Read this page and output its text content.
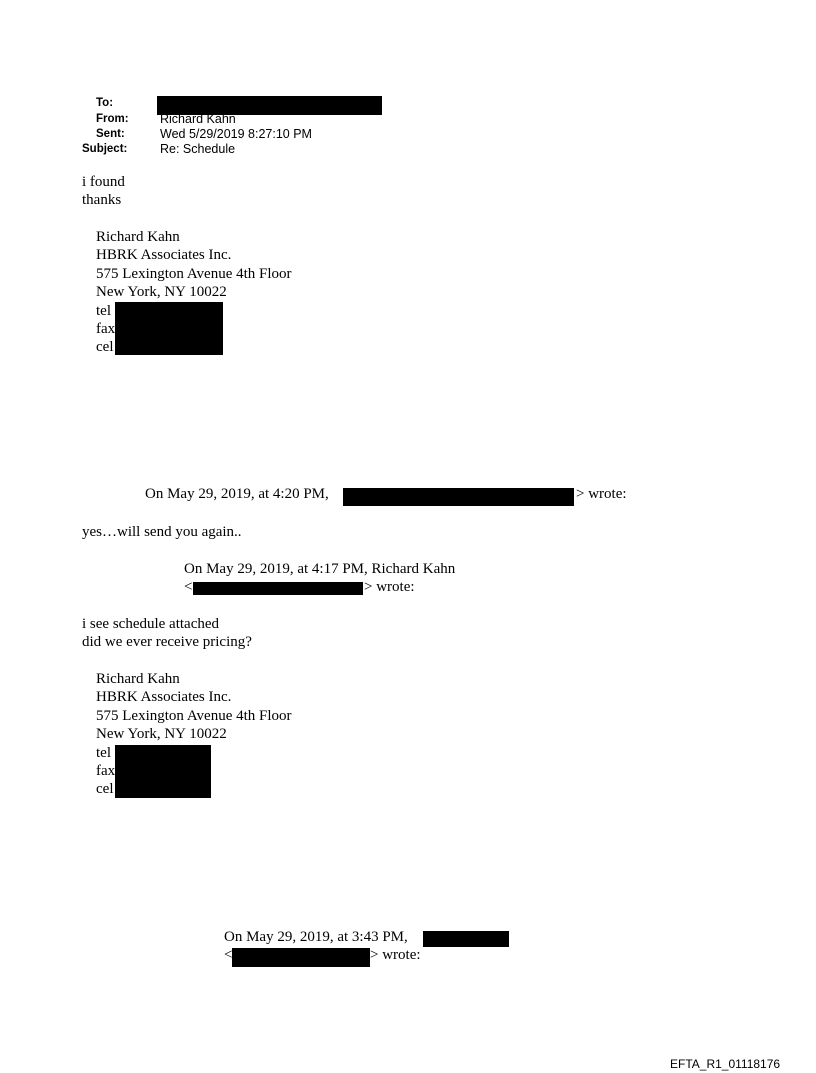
To:
From:	Richard Kahn
Sent:	Wed 5/29/2019 8:27:10 PM
Subject:	Re: Schedule
i found
thanks
Richard Kahn
HBRK Associates Inc.
575 Lexington Avenue 4th Floor
New York, NY 10022
tel
fax
cel
On May 29, 2019, at 4:20 PM,	> wrote:
yes…will send you again..
On May 29, 2019, at 4:17 PM, Richard Kahn
<	> wrote:
i see schedule attached
did we ever receive pricing?
Richard Kahn
HBRK Associates Inc.
575 Lexington Avenue 4th Floor
New York, NY 10022
tel
fax
cel
On May 29, 2019, at 3:43 PM,
<	> wrote:
EFTA_R1_01118176
